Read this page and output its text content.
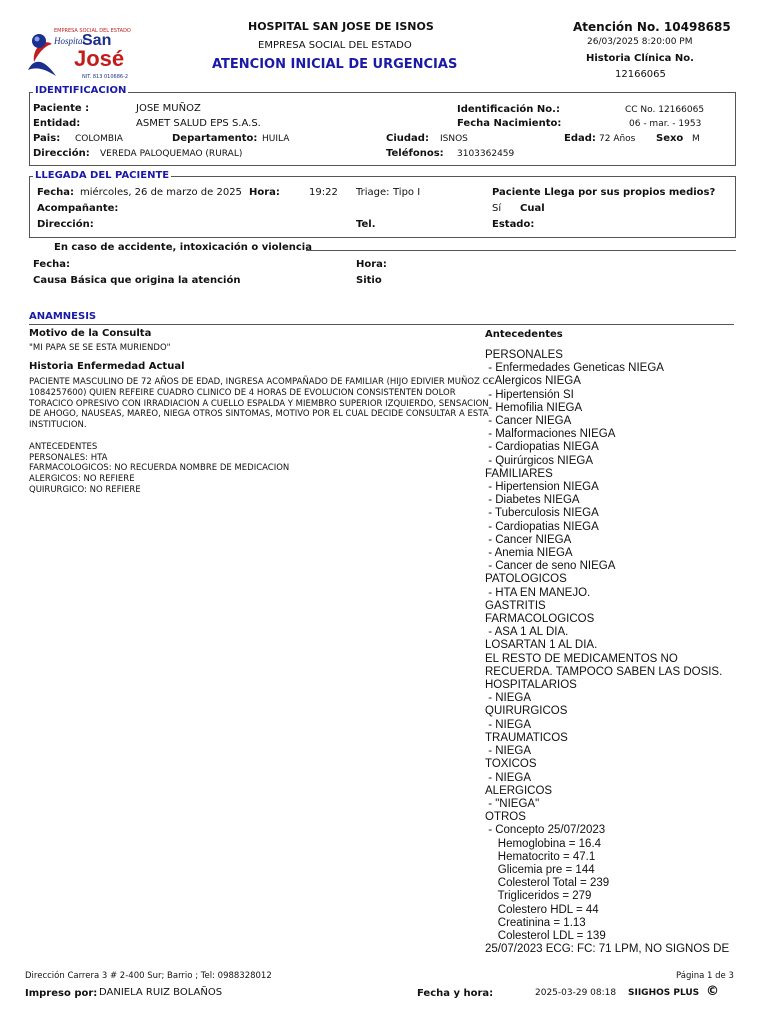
EMPRESA SOCIAL DEL ESTADO
Hospital
San
José
NIT. 813 010686-2
HOSPITAL SAN JOSE DE ISNOS
EMPRESA SOCIAL DEL ESTADO
ATENCION INICIAL DE URGENCIAS
Atención No. 10498685
26/03/2025 8:20:00 PM
Historia Clínica No.
12166065
IDENTIFICACION
Paciente :	JOSE MUÑOZ	Identificación No.:	CC No. 12166065
Entidad:	ASMET SALUD EPS S.A.S.	Fecha Nacimiento:	06 - mar. - 1953
Pais: COLOMBIA	Departamento: HUILA	Ciudad: ISNOS	Edad: 72 Años Sexo M
Dirección: VEREDA PALOQUEMAO (RURAL)	Teléfonos: 3103362459
LLEGADA DEL PACIENTE
Fecha: miércoles, 26 de marzo de 2025 Hora:	19:22 Triage: Tipo I	Paciente Llega por sus propios medios?
Acompañante:	Sí Cual
Dirección:	Tel.	Estado:
En caso de accidente, intoxicación o violencia
Fecha:	Hora:
Causa Básica que origina la atención	Sitio
ANAMNESIS
Motivo de la Consulta
"MI PAPA SE SE ESTA MURIENDO"
Historia Enfermedad Actual
PACIENTE MASCULINO DE 72 AÑOS DE EDAD, INGRESA ACOMPAÑADO DE FAMILIAR (HIJO EDIVIER MUÑOZ CC
1084257600) QUIEN REFEIRE CUADRO CLINICO DE 4 HORAS DE EVOLUCION CONSISTENTEN DOLOR
TORACICO OPRESIVO CON IRRADIACION A CUELLO ESPALDA Y MIEMBRO SUPERIOR IZQUIERDO, SENSACION
DE AHOGO, NAUSEAS, MAREO, NIEGA OTROS SINTOMAS, MOTIVO POR EL CUAL DECIDE CONSULTAR A ESTA
INSTITUCION.

ANTECEDENTES
PERSONALES: HTA
FARMACOLOGICOS: NO RECUERDA NOMBRE DE MEDICACION
ALERGICOS: NO REFIERE
QUIRURGICO: NO REFIERE
Antecedentes
PERSONALES
- Enfermedades Geneticas NIEGA
- Alergicos NIEGA
- Hipertensión SI
- Hemofilia NIEGA
- Cancer NIEGA
- Malformaciones NIEGA
- Cardiopatias NIEGA
- Quirúrgicos NIEGA
FAMILIARES
- Hipertension NIEGA
- Diabetes NIEGA
- Tuberculosis NIEGA
- Cardiopatias NIEGA
- Cancer NIEGA
- Anemia NIEGA
- Cancer de seno NIEGA
PATOLOGICOS
- HTA EN MANEJO.
GASTRITIS
FARMACOLOGICOS
- ASA 1 AL DIA.
LOSARTAN 1 AL DIA.
EL RESTO DE MEDICAMENTOS NO
RECUERDA. TAMPOCO SABEN LAS DOSIS.
HOSPITALARIOS
- NIEGA
QUIRURGICOS
- NIEGA
TRAUMATICOS
- NIEGA
TOXICOS
- NIEGA
ALERGICOS
- "NIEGA"
OTROS
- Concepto 25/07/2023
Hemoglobina = 16.4
Hematocrito = 47.1
Glicemia pre = 144
Colesterol Total = 239
Trigliceridos = 279
Colestero HDL = 44
Creatinina = 1.13
Colesterol LDL = 139
25/07/2023 ECG: FC: 71 LPM, NO SIGNOS DE
Dirección Carrera 3 # 2-400 Sur; Barrio ; Tel: 0988328012	Página 1 de 3
Impreso por: DANIELA RUIZ BOLAÑOS	Fecha y hora:	2025-03-29 08:18 SIIGHOS PLUS ©
